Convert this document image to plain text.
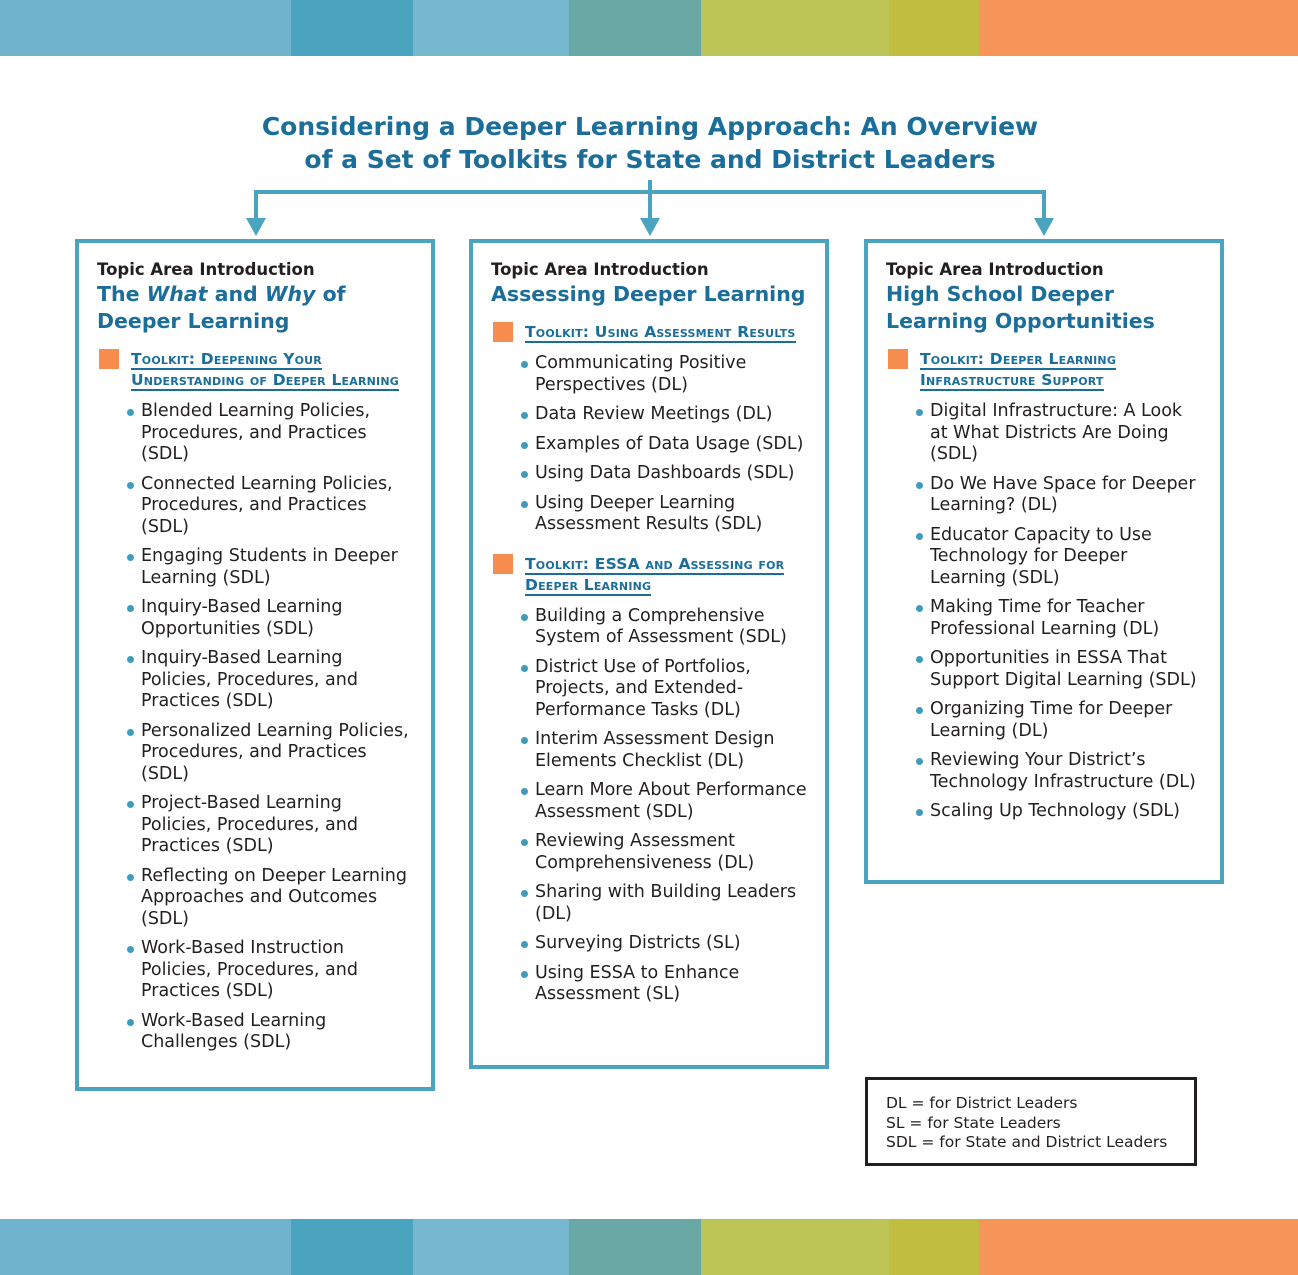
Considering a Deeper Learning Approach: An Overview
of a Set of Toolkits for State and District Leaders
Topic Area Introduction
The What and Why of Deeper Learning
Toolkit: Deepening Your
Understanding of Deeper Learning
Blended Learning Policies, Procedures, and Practices (SDL)
Connected Learning Policies, Procedures, and Practices (SDL)
Engaging Students in Deeper Learning (SDL)
Inquiry-Based Learning Opportunities (SDL)
Inquiry-Based Learning Policies, Procedures, and Practices (SDL)
Personalized Learning Policies, Procedures, and Practices (SDL)
Project-Based Learning Policies, Procedures, and Practices (SDL)
Reflecting on Deeper Learning Approaches and Outcomes (SDL)
Work-Based Instruction Policies, Procedures, and Practices (SDL)
Work-Based Learning Challenges (SDL)
Topic Area Introduction
Assessing Deeper Learning
Toolkit: Using Assessment Results
Communicating Positive Perspectives (DL)
Data Review Meetings (DL)
Examples of Data Usage (SDL)
Using Data Dashboards (SDL)
Using Deeper Learning Assessment Results (SDL)
Toolkit: ESSA and Assessing for
Deeper Learning
Building a Comprehensive System of Assessment (SDL)
District Use of Portfolios, Projects, and Extended-Performance Tasks (DL)
Interim Assessment Design Elements Checklist (DL)
Learn More About Performance Assessment (SDL)
Reviewing Assessment Comprehensiveness (DL)
Sharing with Building Leaders (DL)
Surveying Districts (SL)
Using ESSA to Enhance Assessment (SL)
Topic Area Introduction
High School Deeper Learning Opportunities
Toolkit: Deeper Learning
Infrastructure Support
Digital Infrastructure: A Look at What Districts Are Doing (SDL)
Do We Have Space for Deeper Learning? (DL)
Educator Capacity to Use Technology for Deeper Learning (SDL)
Making Time for Teacher Professional Learning (DL)
Opportunities in ESSA That Support Digital Learning (SDL)
Organizing Time for Deeper Learning (DL)
Reviewing Your District’s Technology Infrastructure (DL)
Scaling Up Technology (SDL)
DL = for District Leaders
SL = for State Leaders
SDL = for State and District Leaders
